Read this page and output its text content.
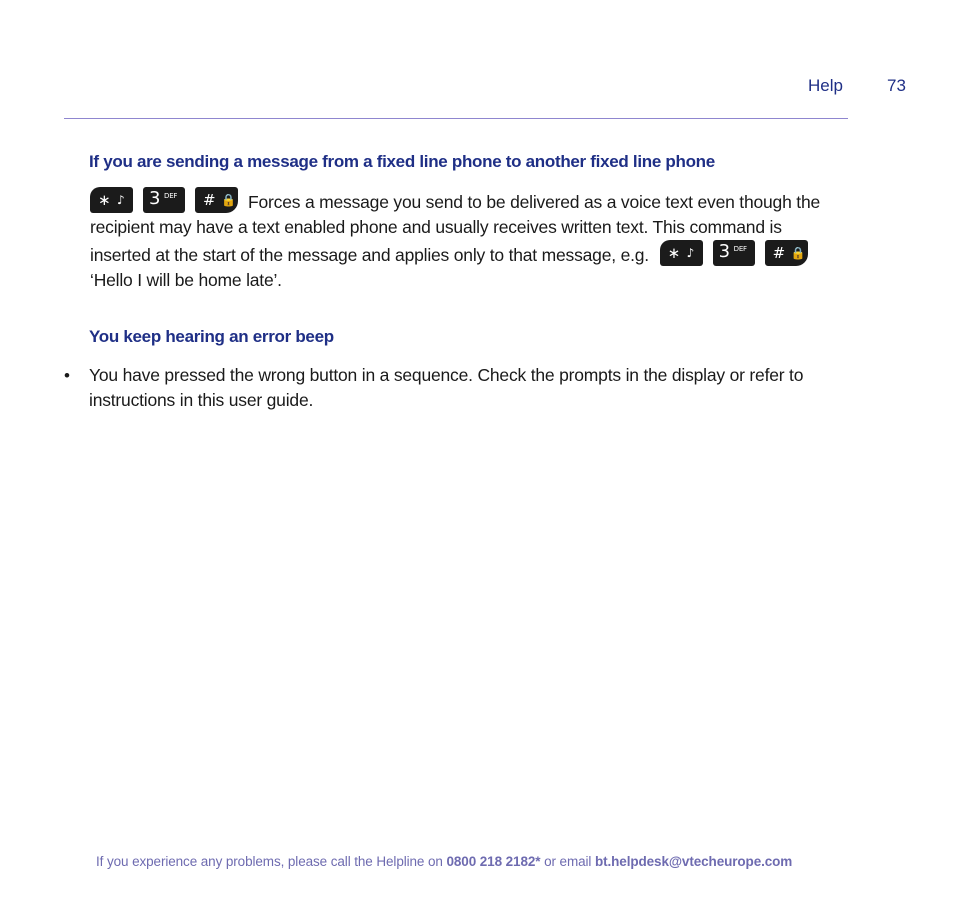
Help	73
If you are sending a message from a fixed line phone to another fixed line phone
∗ ♪ 3 DEF # 🔒 Forces a message you send to be delivered as a voice text even though the recipient may have a text enabled phone and usually receives written text. This command is inserted at the start of the message and applies only to that message, e.g. ∗ ♪ 3 DEF # 🔒

‘Hello I will be home late’.
You keep hearing an error beep
• You have pressed the wrong button in a sequence. Check the prompts in the display or refer to instructions in this user guide.
If you experience any problems, please call the Helpline on 0800 218 2182* or email bt.helpdesk@vtecheurope.com
